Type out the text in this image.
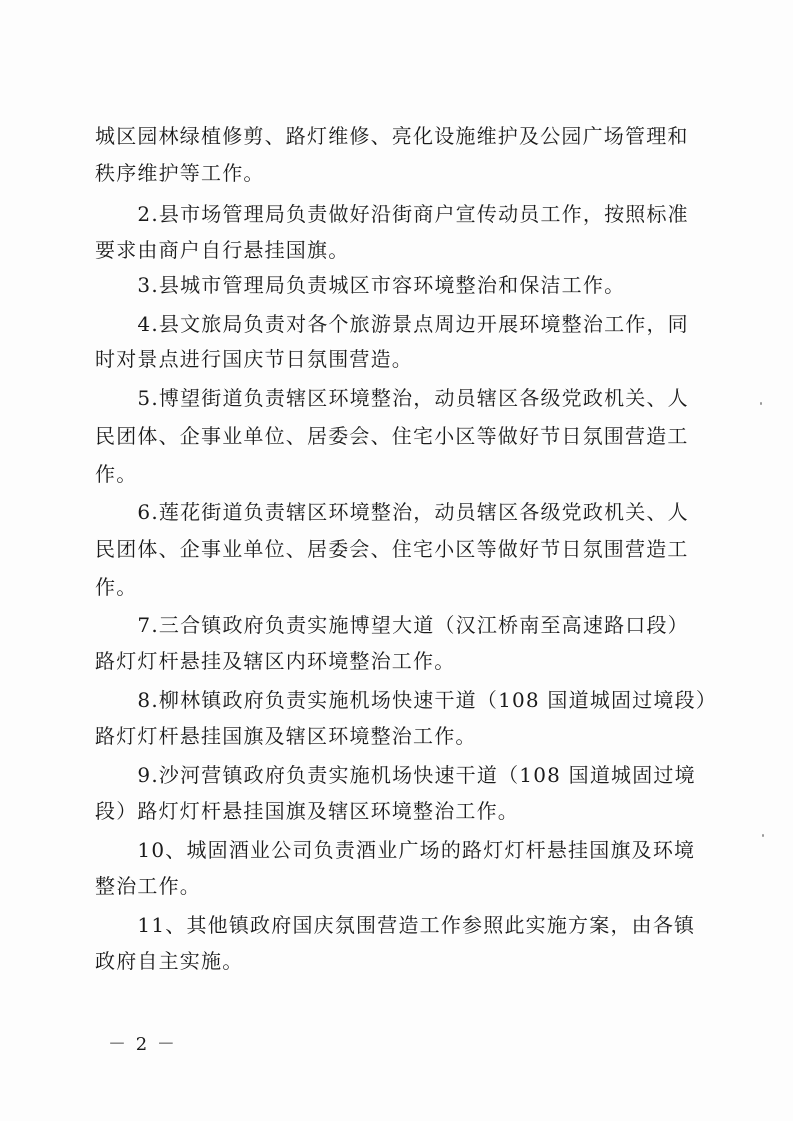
城区园林绿植修剪、路灯维修、亮化设施维护及公园广场管理和
秩序维护等工作。
　　2.县市场管理局负责做好沿街商户宣传动员工作，按照标准
要求由商户自行悬挂国旗。
　　3.县城市管理局负责城区市容环境整治和保洁工作。
　　4.县文旅局负责对各个旅游景点周边开展环境整治工作，同
时对景点进行国庆节日氛围营造。
　　5.博望街道负责辖区环境整治，动员辖区各级党政机关、人
民团体、企事业单位、居委会、住宅小区等做好节日氛围营造工
作。
　　6.莲花街道负责辖区环境整治，动员辖区各级党政机关、人
民团体、企事业单位、居委会、住宅小区等做好节日氛围营造工
作。
　　7.三合镇政府负责实施博望大道（汉江桥南至高速路口段）
路灯灯杆悬挂及辖区内环境整治工作。
　　8.柳林镇政府负责实施机场快速干道（108 国道城固过境段）
路灯灯杆悬挂国旗及辖区环境整治工作。
　　9.沙河营镇政府负责实施机场快速干道（108 国道城固过境
段）路灯灯杆悬挂国旗及辖区环境整治工作。
　　10、城固酒业公司负责酒业广场的路灯灯杆悬挂国旗及环境
整治工作。
　　11、其他镇政府国庆氛围营造工作参照此实施方案，由各镇
政府自主实施。
－ 2 －
